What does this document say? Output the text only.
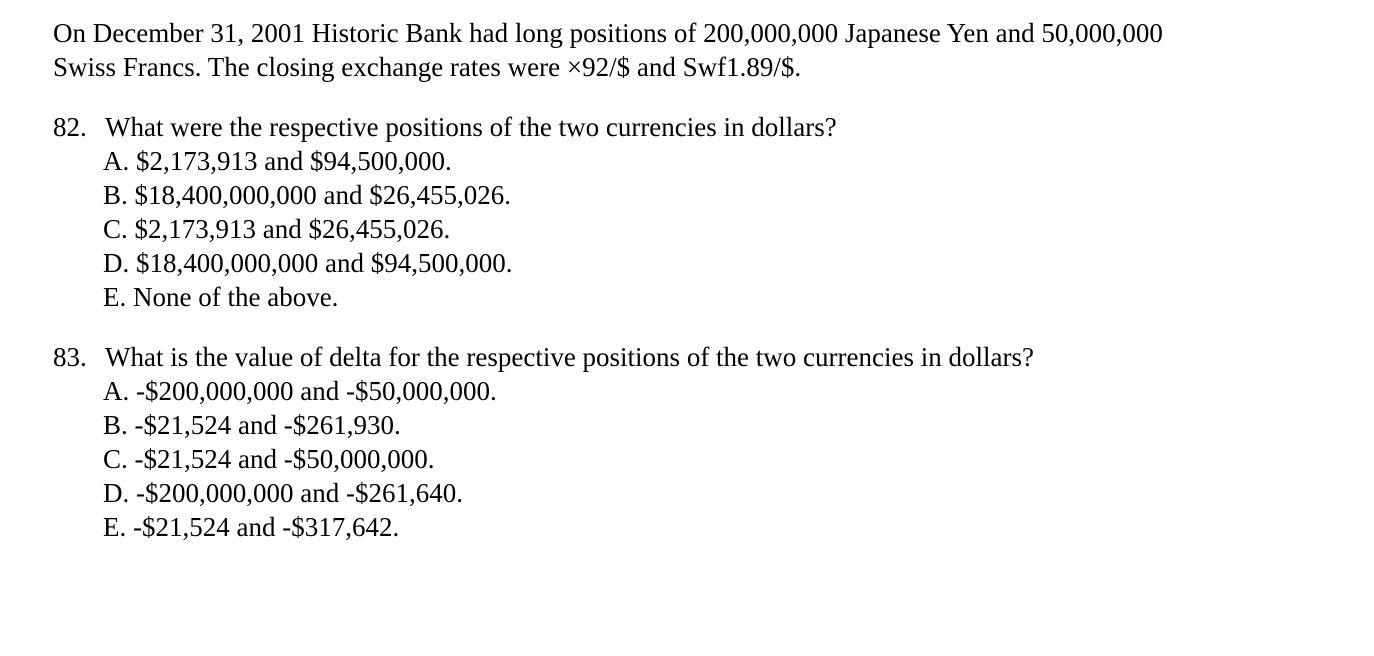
On December 31, 2001 Historic Bank had long positions of 200,000,000 Japanese Yen and 50,000,000

Swiss Francs. The closing exchange rates were ×92/$ and Swf1.89/$.

82. What were the respective positions of the two currencies in dollars?
A. $2,173,913 and $94,500,000.
B. $18,400,000,000 and $26,455,026.
C. $2,173,913 and $26,455,026.
D. $18,400,000,000 and $94,500,000.
E. None of the above.
83. What is the value of delta for the respective positions of the two currencies in dollars?
A. -$200,000,000 and -$50,000,000.
B. -$21,524 and -$261,930.
C. -$21,524 and -$50,000,000.
D. -$200,000,000 and -$261,640.
E. -$21,524 and -$317,642.
